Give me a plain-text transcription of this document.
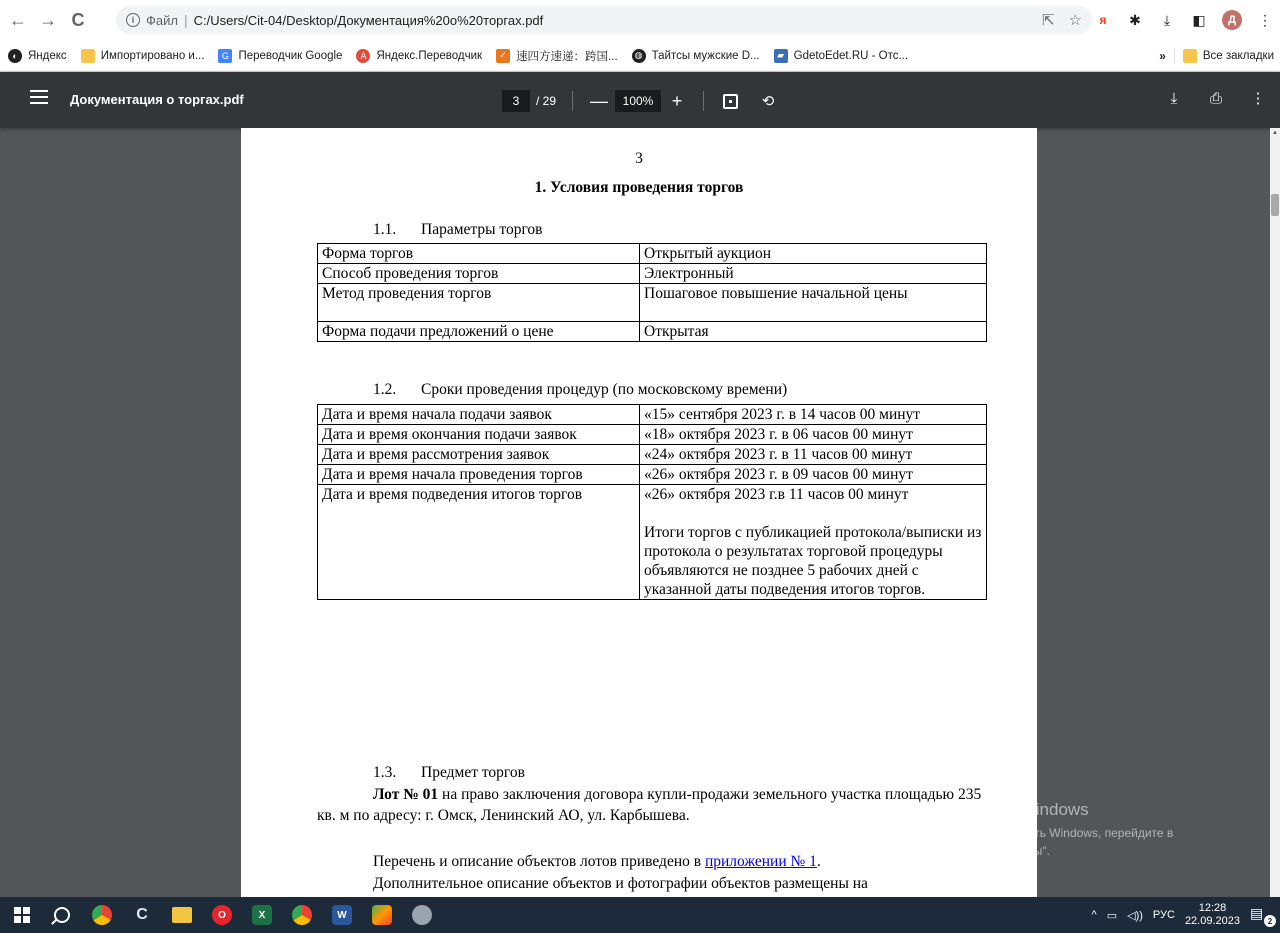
← → C	i Файл | C:/Users/Cit-04/Desktop/Документация%20о%20торгах.pdf	⇱ ☆	я	✱	⤓	◧	Д	⋮
◐ Яндекс	Импортировано и...	G Переводчик Google	A Яндекс.Переводчик	✓ 速四方速递：跨国...	◍ Тайтсы мужские D...	▰ GdetoEdet.RU - Отс...	»	Все закладки
Документация о торгах.pdf
3	/ 29 —
100%	+	⟲	⤓	⎙ ⋮
3
1. Условия проведения торгов
1.1. Параметры торгов
Форма торгов	Открытый аукцион
Способ проведения торгов	Электронный
Метод проведения торгов	Пошаговое повышение начальной цены
Форма подачи предложений о цене	Открытая
1.2. Сроки проведения процедур (по московскому времени)
Дата и время начала подачи заявок	«15» сентября 2023 г. в 14 часов 00 минут
Дата и время окончания подачи заявок	«18» октября 2023 г. в 06 часов 00 минут
Дата и время рассмотрения заявок	«24» октября 2023 г. в 11 часов 00 минут
Дата и время начала проведения торгов	«26» октября 2023 г. в 09 часов 00 минут
Дата и время подведения итогов торгов	«26» октября 2023 г.в 11 часов 00 минут
Итоги торгов с публикацией протокола/выписки из протокола о результатах торговой процедуры объявляются не позднее 5 рабочих дней с указанной даты подведения итогов торгов.
1.3. Предмет торгов
Лот № 01 на право заключения договора купли-продажи земельного участка площадью 235 кв. м по адресу: г. Омск, Ленинский АО, ул. Карбышева.
Перечень и описание объектов лотов приведено в приложении № 1.
Дополнительное описание объектов и фотографии объектов размещены на
▲
Активация Windows
Чтобы активировать Windows, перейдите в
раздел "Параметры".
C	O	X	W	^ ▭ ◁)) РУС
12:28
22.09.2023 ▤ 2
